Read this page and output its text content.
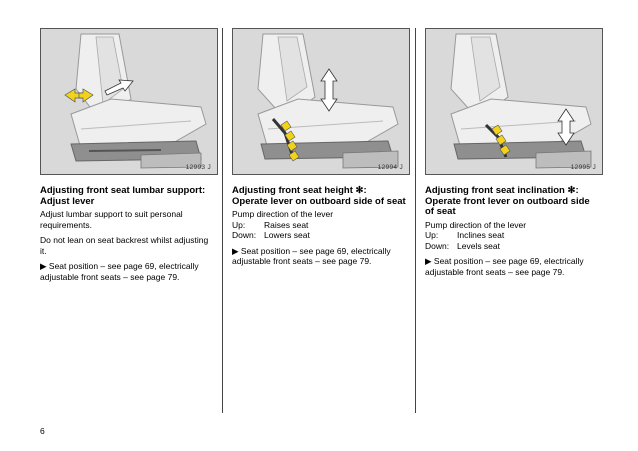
12993 J
Adjusting front seat lumbar support:
Adjust lever

Adjust lumbar support to suit personal requirements.

Do not lean on seat backrest whilst adjusting it.

▶ Seat position – see page 69, electrically adjustable front seats – see page 79.

12994 J
Adjusting front seat height ✻:
Operate lever on outboard side of seat

Pump direction of the lever

Up:	Raises seat
Down: Lowers seat

▶ Seat position – see page 69, electrically adjustable front seats – see page 79.

12995 J
Adjusting front seat inclination ✻:
Operate front lever on outboard side of seat

Pump direction of the lever

Up:	Inclines seat
Down: Levels seat

▶ Seat position – see page 69, electrically adjustable front seats – see page 79.

6
